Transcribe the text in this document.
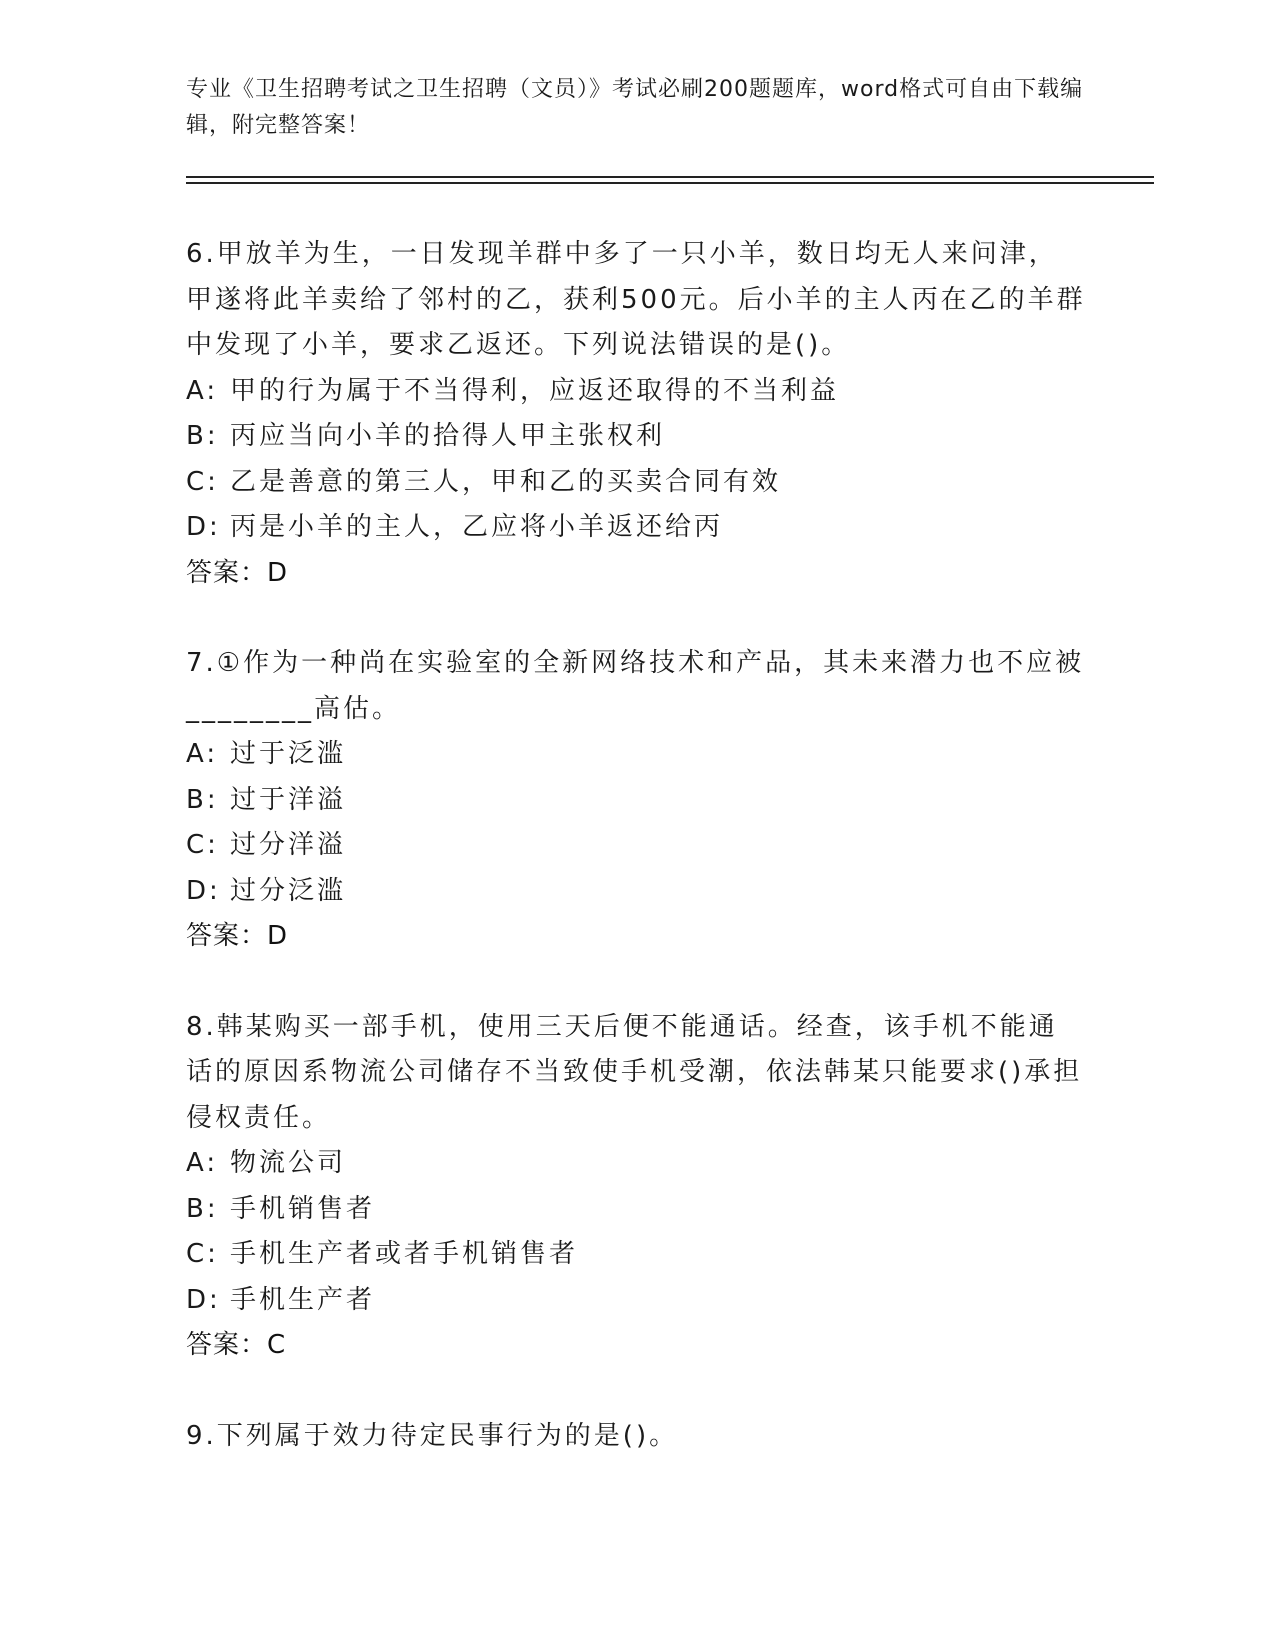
专业《卫生招聘考试之卫生招聘（文员）》考试必刷200题题库，word格式可自由下载编辑，附完整答案！
6.甲放羊为生，一日发现羊群中多了一只小羊，数日均无人来问津，甲遂将此羊卖给了邻村的乙，获利500元。后小羊的主人丙在乙的羊群中发现了小羊，要求乙返还。下列说法错误的是()。
A: 甲的行为属于不当得利，应返还取得的不当利益
B: 丙应当向小羊的拾得人甲主张权利
C: 乙是善意的第三人，甲和乙的买卖合同有效
D: 丙是小羊的主人，乙应将小羊返还给丙
答案：D
7.①作为一种尚在实验室的全新网络技术和产品，其未来潜力也不应被________高估。
A: 过于泛滥
B: 过于洋溢
C: 过分洋溢
D: 过分泛滥
答案：D
8.韩某购买一部手机，使用三天后便不能通话。经查，该手机不能通话的原因系物流公司储存不当致使手机受潮，依法韩某只能要求()承担侵权责任。
A: 物流公司
B: 手机销售者
C: 手机生产者或者手机销售者
D: 手机生产者
答案：C
9.下列属于效力待定民事行为的是()。
